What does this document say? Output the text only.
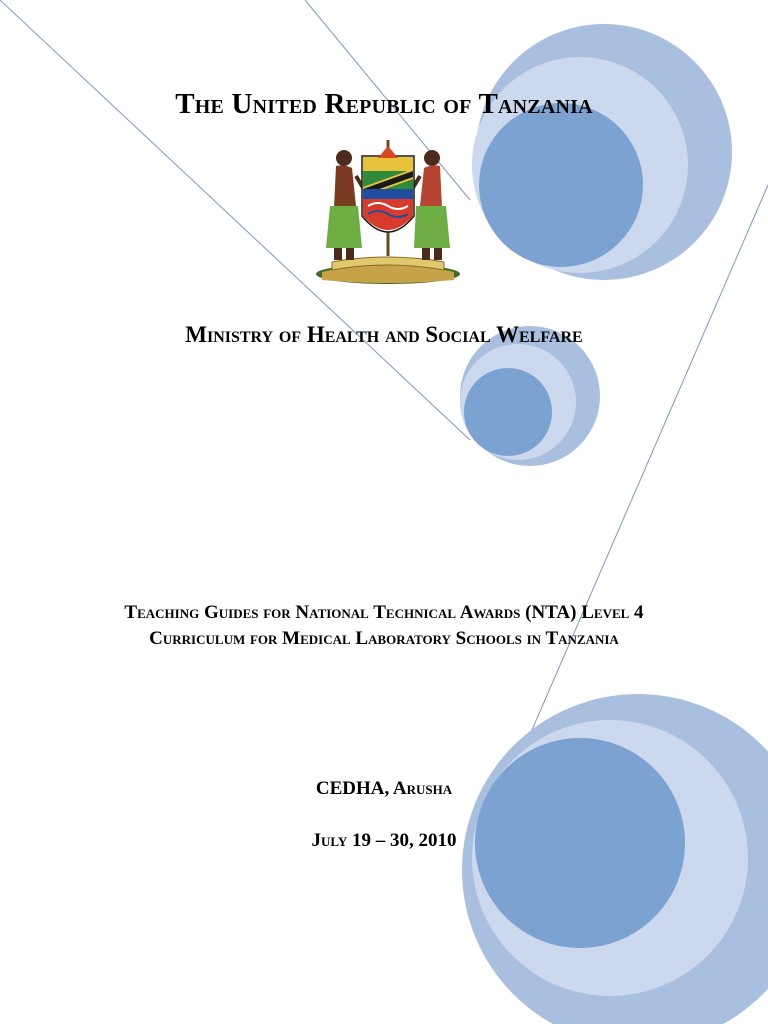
The United Republic of Tanzania
Ministry of Health and Social Welfare
Teaching Guides for National Technical Awards (NTA) Level 4 Curriculum for Medical Laboratory Schools in Tanzania

CEDHA, Arusha

July 19 – 30, 2010
